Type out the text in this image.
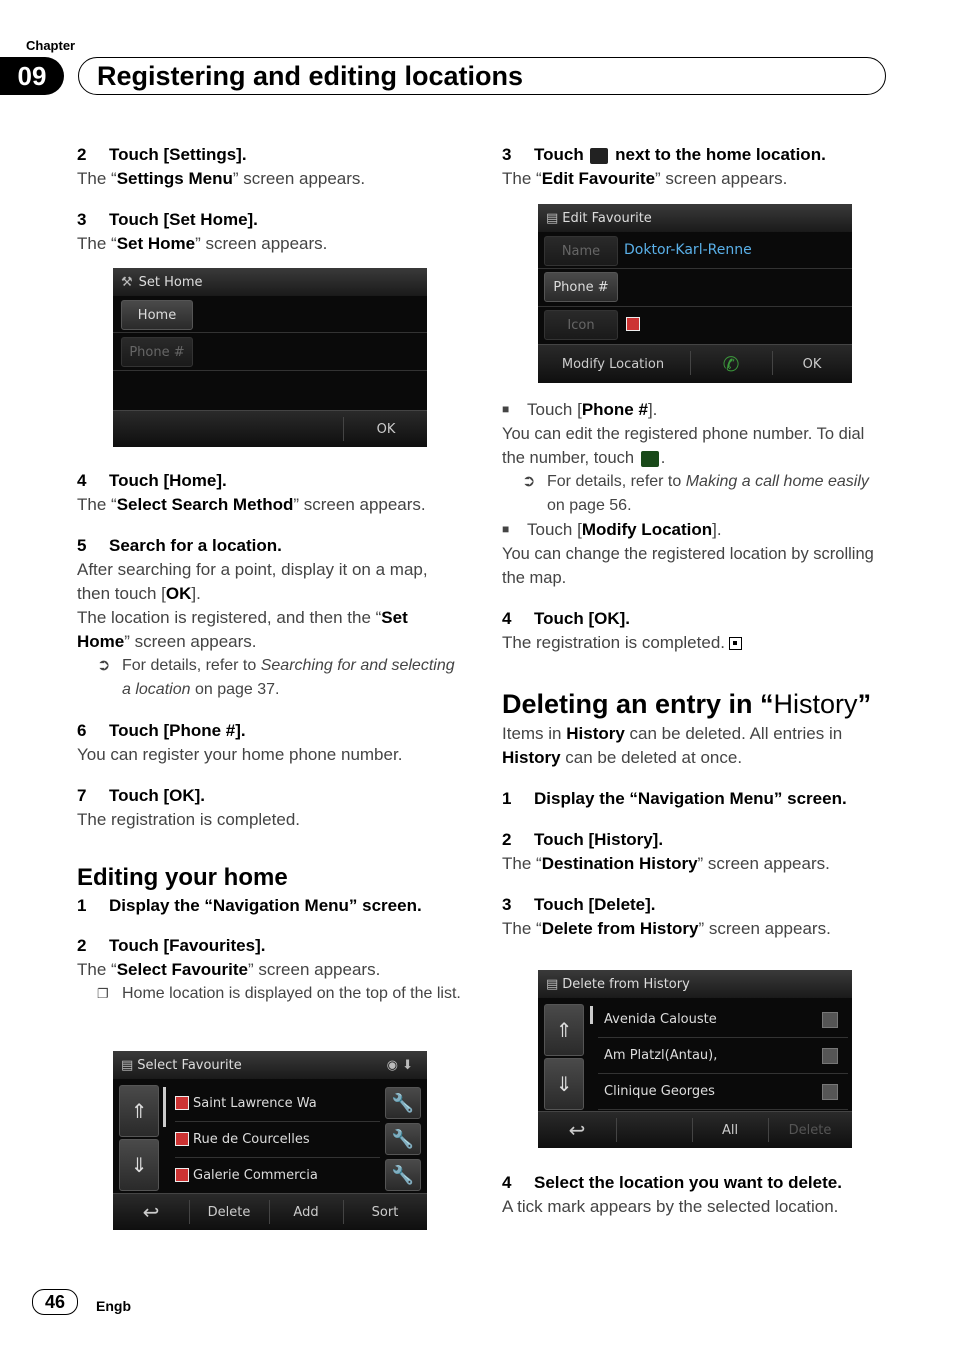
Chapter
09	Registering and editing locations

2 Touch [Settings].

The “Settings Menu” screen appears.

3 Touch [Set Home].

The “Set Home” screen appears.

⚒ Set Home
Home
Phone #
OK

4 Touch [Home].

The “Select Search Method” screen appears.

5 Search for a location.

After searching for a point, display it on a map, then touch [OK].

The location is registered, and then the “Set Home” screen appears.

➲ For details, refer to Searching for and selecting a location on page 37.

6 Touch [Phone #].

You can register your home phone number.

7 Touch [OK].

The registration is completed.

Editing your home

1 Display the “Navigation Menu” screen.

2 Touch [Favourites].

The “Select Favourite” screen appears.

❐ Home location is displayed on the top of the list.
▤ Select Favourite	◉ ⬇
⇑
⇓
Saint Lawrence Wa
Rue de Courcelles
Galerie Commercia
🔧
🔧
🔧
↩	Delete	Add	Sort

3 Touch  next to the home location.

The “Edit Favourite” screen appears.

▤ Edit Favourite
Name	Doktor-Karl-Renne
Phone #
Icon
Modify Location	✆	OK
■ Touch [Phone #].

You can edit the registered phone number. To dial the number, touch .

➲ For details, refer to Making a call home easily on page 56.
■ Touch [Modify Location].

You can change the registered location by scrolling the map.

4 Touch [OK].

The registration is completed.

Deleting an entry in “History”

Items in History can be deleted. All entries in History can be deleted at once.

1 Display the “Navigation Menu” screen.

2 Touch [History].

The “Destination History” screen appears.

3 Touch [Delete].

The “Delete from History” screen appears.

▤ Delete from History
⇑
⇓
Avenida Calouste
Am Platzl(Antau),
Clinique Georges
↩	All	Delete

4 Select the location you want to delete.

A tick mark appears by the selected location.

46	Engb
